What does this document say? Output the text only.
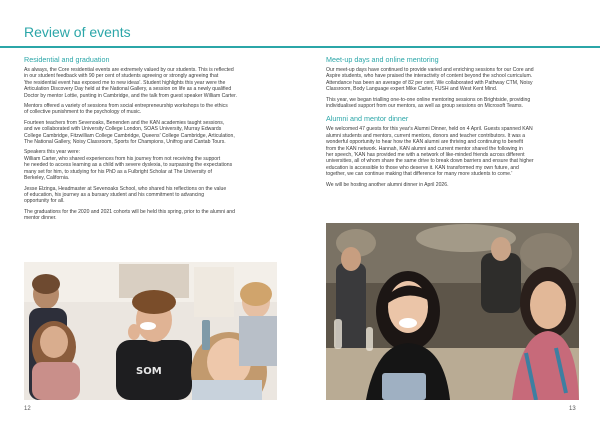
Review of events
Residential and graduation

As always, the Core residential events are extremely valued by our students. This is reflected
in our student feedback with 90 per cent of students agreeing or strongly agreeing that
'the residential event has exposed me to new ideas'. Student highlights this year were the
Articulation Discovery Day held at the National Gallery, a session on life as a newly qualified
Doctor by mentor Lottie, punting in Cambridge, and the talk from guest speaker William Carter.

Mentors offered a variety of sessions from social entrepreneurship workshops to the ethics
of collective punishment to the psychology of music.

Fourteen teachers from Sevenoaks, Benenden and the KAN academies taught sessions,
and we collaborated with University College London, SOAS University, Murray Edwards
College Cambridge, Fitzwilliam College Cambridge, Queens' College Cambridge, Articulation,
The National Gallery, Noisy Classroom, Sports for Champions, Unifrog and Cantab Tours.

Speakers this year were:
William Carter, who shared experiences from his journey from not receiving the support
he needed to access learning as a child with severe dyslexia, to surpassing the expectations
many set for him, to studying for his PhD as a Fulbright Scholar at The University of
Berkeley, California.

Jesse Elzinga, Headmaster at Sevenoaks School, who shared his reflections on the value
of education, his journey as a bursary student and his commitment to advancing
opportunity for all.

The graduations for the 2020 and 2021 cohorts will be held this spring, prior to the alumni and
mentor dinner.

Meet-up days and online mentoring

Our meet-up days have continued to provide varied and enriching sessions for our Core and
Aspire students, who have praised the interactivity of content beyond the school curriculum.
Attendance has been an average of 82 per cent. We collaborated with Pathway CTM, Noisy
Classroom, Body Language expert Mike Carter, FUSH and West Kent Mind.

This year, we began trialling one-to-one online mentoring sessions on Brightside, providing
individualised support from our mentors, as well as group sessions on Microsoft Teams.

Alumni and mentor dinner

We welcomed 47 guests for this year's Alumni Dinner, held on 4 April. Guests spanned KAN
alumni students and mentors, current mentors, donors and teacher contributors. It was a
wonderful opportunity to hear how the KAN alumni are thriving and continuing to benefit
from the KAN network. Hannah, KAN alumni and current mentor shared the following in
her speech, 'KAN has provided me with a network of like-minded friends across different
universities, all of whom share the same drive to break down barriers and ensure that higher
education is accessible to those who deserve it. KAN transformed my own future, and
together, we can continue making that difference for many more students to come.'

We will be hosting another alumni dinner in April 2026.

SOM
12	13
